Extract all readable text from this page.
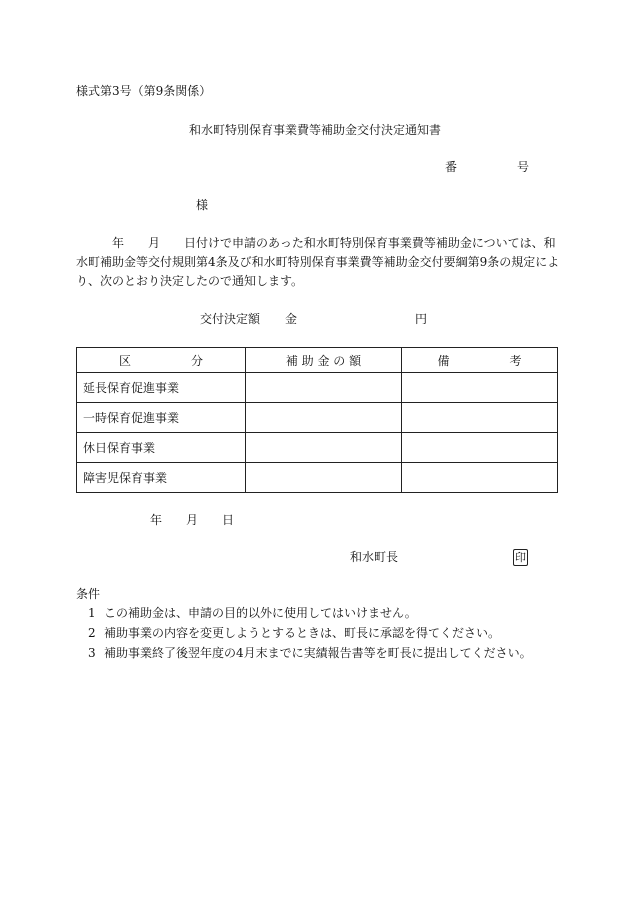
様式第3号（第9条関係）
和水町特別保育事業費等補助金交付決定通知書
番　　　　　号
様
年　　月　　日付けで申請のあった和水町特別保育事業費等補助金については、和
水町補助金等交付規則第4条及び和水町特別保育事業費等補助金交付要綱第9条の規定によ
り、次のとおり決定したので通知します。
交付決定額 金	円
区　　　　　分	補 助 金 の 額	備　　　　　考
延長保育促進事業		
一時保育促進事業		
休日保育事業		
障害児保育事業		
年　　月　　日
和水町長	印
条件
1 この補助金は、申請の目的以外に使用してはいけません。
2 補助事業の内容を変更しようとするときは、町長に承認を得てください。
3 補助事業終了後翌年度の4月末までに実績報告書等を町長に提出してください。
